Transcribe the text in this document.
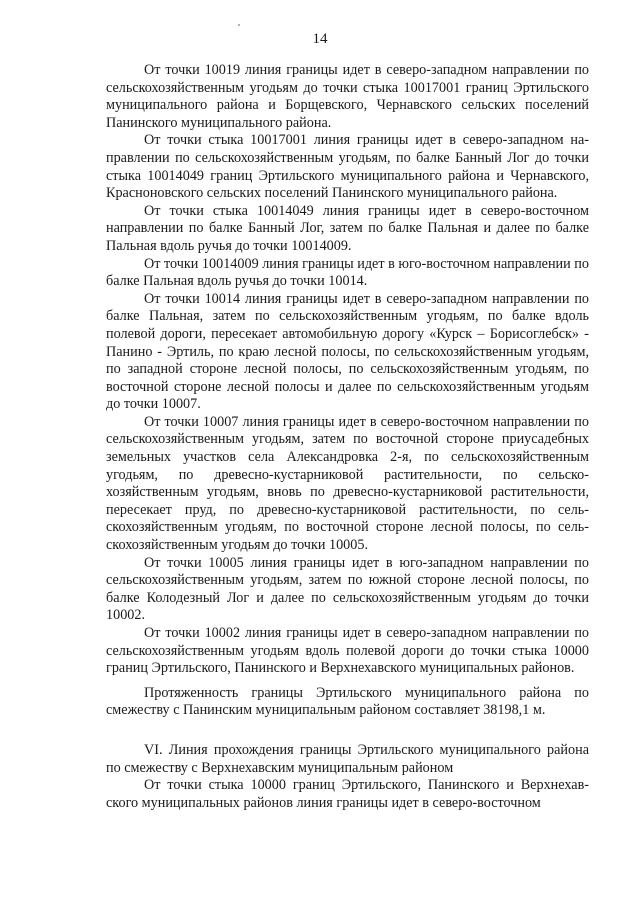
14

От точки 10019 линия границы идет в северо-западном направлении по сельскохозяйственным угодьям до точки стыка 10017001 границ Эртильского муниципального района и Борщевского, Чернавского сельских поселений Панинского муниципального района.

От точки стыка 10017001 линия границы идет в северо-западном направлении по сельскохозяйственным угодьям, по балке Банный Лог до точки стыка 10014049 границ Эртильского муниципального района и Чернавского, Красноновского сельских поселений Панинского муниципального района.

От точки стыка 10014049 линия границы идет в северо-восточном направлении по балке Банный Лог, затем по балке Пальная и далее по балке Пальная вдоль ручья до точки 10014009.

От точки 10014009 линия границы идет в юго-восточном направлении по балке Пальная вдоль ручья до точки 10014.

От точки 10014 линия границы идет в северо-западном направлении по балке Пальная, затем по сельскохозяйственным угодьям, по балке вдоль полевой дороги, пересекает автомобильную дорогу «Курск – Борисоглебск» - Панино - Эртиль, по краю лесной полосы, по сельскохозяйственным угодьям, по западной стороне лесной полосы, по сельскохозяйственным угодьям, по восточной стороне лесной полосы и далее по сельскохозяйственным угодьям до точки 10007.

От точки 10007 линия границы идет в северо-восточном направлении по сельскохозяйственным угодьям, затем по восточной стороне приусадебных земельных участков села Александровка 2-я, по сельскохозяйственным угодьям, по древесно-кустарниковой растительности, по сельскохозяйственным угодьям, вновь по древесно-кустарниковой растительности, пересекает пруд, по древесно-кустарниковой растительности, по сельскохозяйственным угодьям, по восточной стороне лесной полосы, по сельскохозяйственным угодьям до точки 10005.

От точки 10005 линия границы идет в юго-западном направлении по сельскохозяйственным угодьям, затем по южной стороне лесной полосы, по балке Колодезный Лог и далее по сельскохозяйственным угодьям до точки 10002.

От точки 10002 линия границы идет в северо-западном направлении по сельскохозяйственным угодьям вдоль полевой дороги до точки стыка 10000 границ Эртильского, Панинского и Верхнехавского муниципальных районов.

Протяженность границы Эртильского муниципального района по смежеству с Панинским муниципальным районом составляет 38198,1 м.

VI. Линия прохождения границы Эртильского муниципального района по смежеству с Верхнехавским муниципальным районом

От точки стыка 10000 границ Эртильского, Панинского и Верхнехавского муниципальных районов линия границы идет в северо-восточном
